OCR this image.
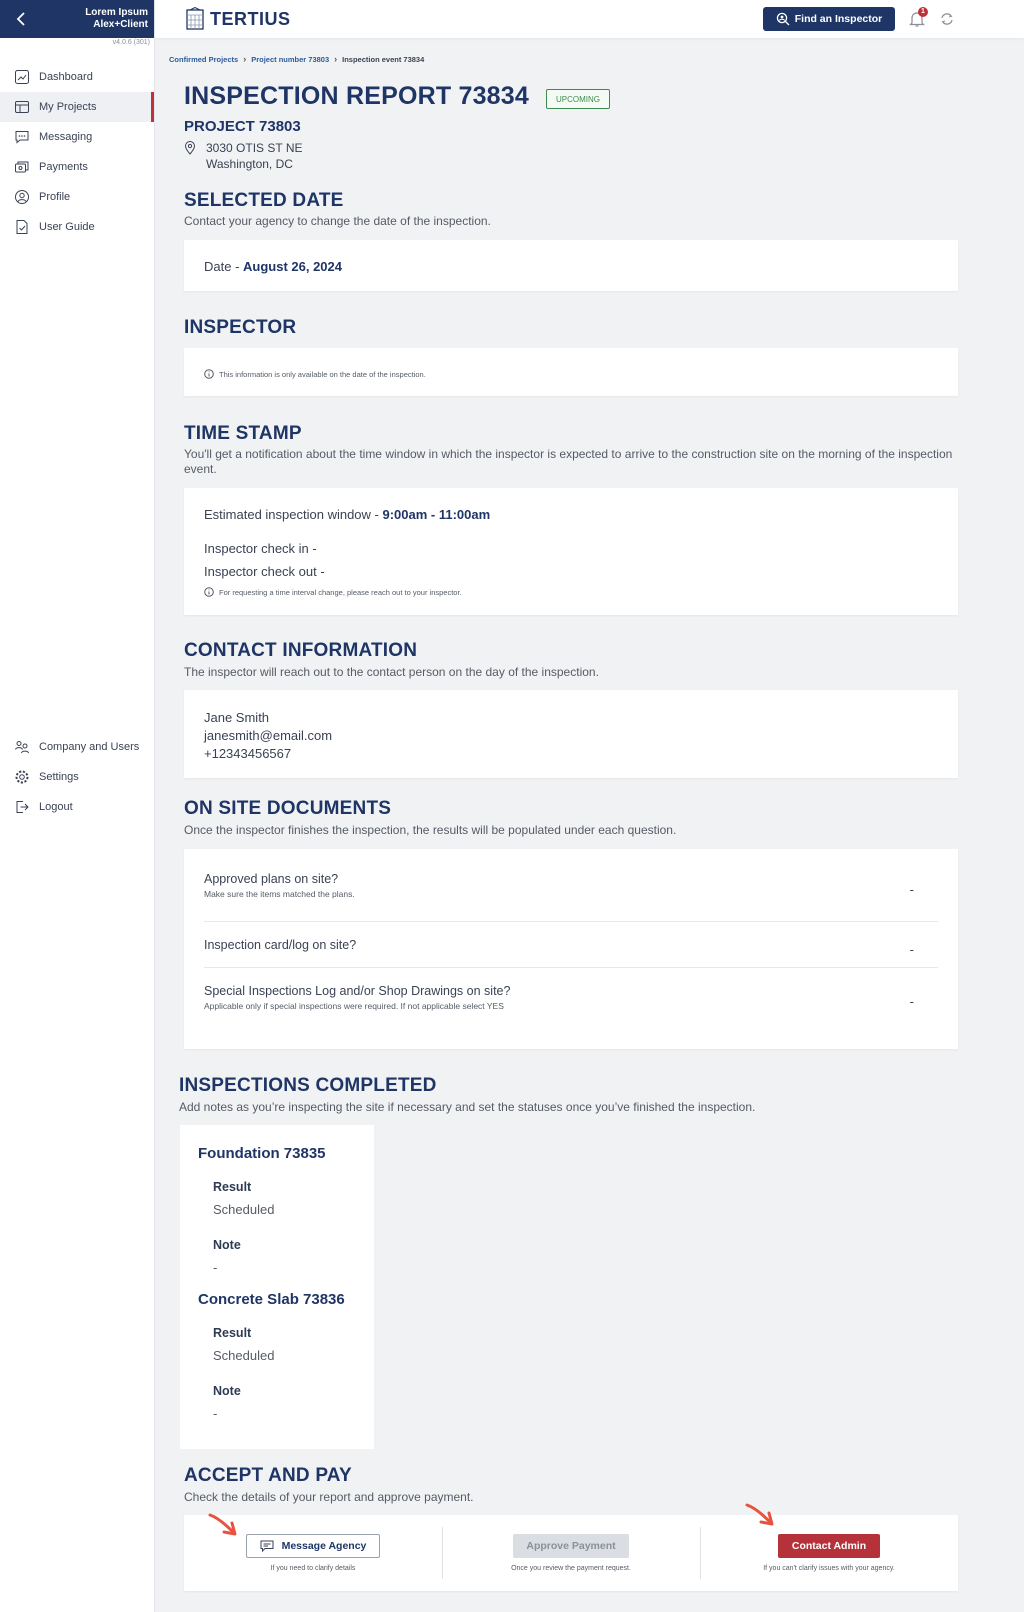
Lorem Ipsum
Alex+Client
v4.0.6 (301)
Dashboard
My Projects
Messaging
Payments
Profile
User Guide
Company and Users
Settings
Logout
TERTIUS	Find an Inspector
1
Confirmed Projects › Project number 73803 › Inspection event 73834
INSPECTION REPORT 73834	UPCOMING
PROJECT 73803
3030 OTIS ST NE
Washington, DC
SELECTED DATE
Contact your agency to change the date of the inspection.
Date - August 26, 2024
INSPECTOR
This information is only available on the date of the inspection.
TIME STAMP
You'll get a notification about the time window in which the inspector is expected to arrive to the construction site on the morning of the inspection event.
Estimated inspection window - 9:00am - 11:00am
Inspector check in -
Inspector check out -
For requesting a time interval change, please reach out to your inspector.
CONTACT INFORMATION
The inspector will reach out to the contact person on the day of the inspection.
Jane Smith
janesmith@email.com
+12343456567
ON SITE DOCUMENTS
Once the inspector finishes the inspection, the results will be populated under each question.
Approved plans on site?
Make sure the items matched the plans.	-
Inspection card/log on site?	-
Special Inspections Log and/or Shop Drawings on site?
Applicable only if special inspections were required. If not applicable select YES	-
INSPECTIONS COMPLETED
Add notes as you’re inspecting the site if necessary and set the statuses once you’ve finished the inspection.
Foundation 73835
Result
Scheduled
Note
-
Concrete Slab 73836
Result
Scheduled
Note
-
ACCEPT AND PAY
Check the details of your report and approve payment.
Message Agency
If you need to clarify details
Approve Payment
Once you review the payment request.
Contact Admin
If you can't clarify issues with your agency.
